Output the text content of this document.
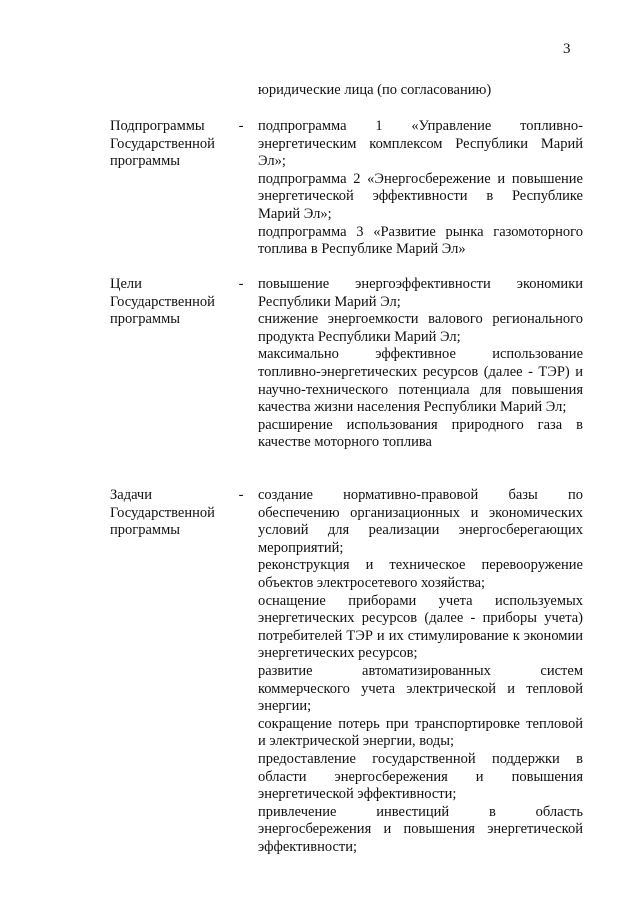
3
юридические лица (по согласованию)
Подпрограммы
Государственной
программы
- подпрограмма 1 «Управление топливно-энергетическим комплексом Республики Марий Эл»;
подпрограмма 2 «Энергосбережение и повышение энергетической эффективности в Республике Марий Эл»;
подпрограмма 3 «Развитие рынка газомоторного топлива в Республике Марий Эл»
Цели
Государственной
программы
- повышение энергоэффективности экономики Республики Марий Эл;
снижение энергоемкости валового регионального продукта Республики Марий Эл;
максимально эффективное использование топливно-энергетических ресурсов (далее - ТЭР) и научно-технического потенциала для повышения качества жизни населения Республики Марий Эл;
расширение использования природного газа в качестве моторного топлива
Задачи
Государственной
программы
- создание нормативно-правовой базы по обеспечению организационных и экономических условий для реализации энергосберегающих мероприятий;
реконструкция и техническое перевооружение объектов электросетевого хозяйства;
оснащение приборами учета используемых энергетических ресурсов (далее - приборы учета) потребителей ТЭР и их стимулирование к экономии энергетических ресурсов;
развитие автоматизированных систем коммерческого учета электрической и тепловой энергии;
сокращение потерь при транспортировке тепловой и электрической энергии, воды;
предоставление государственной поддержки в области энергосбережения и повышения энергетической эффективности;
привлечение инвестиций в область энергосбережения и повышения энергетической эффективности;
